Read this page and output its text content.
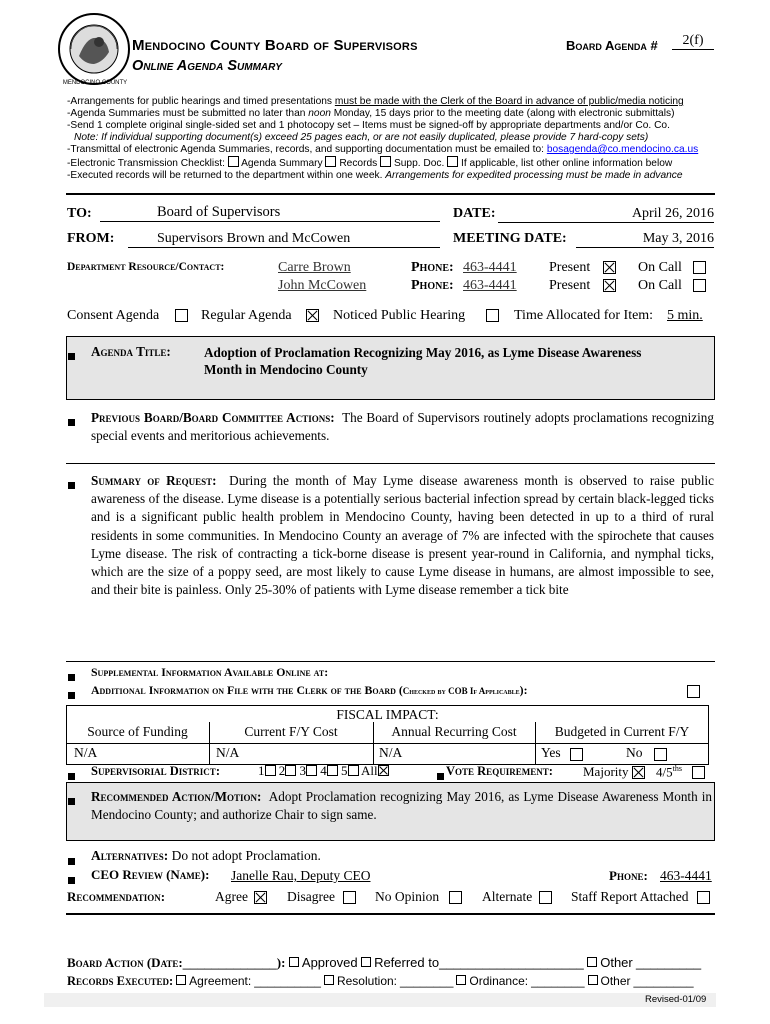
MENDOCINO COUNTY
Mendocino County Board of Supervisors
Online Agenda Summary
Board Agenda #	2(f)
-Arrangements for public hearings and timed presentations must be made with the Clerk of the Board in advance of public/media noticing
-Agenda Summaries must be submitted no later than noon Monday, 15 days prior to the meeting date (along with electronic submittals)
-Send 1 complete original single-sided set and 1 photocopy set – Items must be signed-off by appropriate departments and/or Co. Co.
Note: If individual supporting document(s) exceed 25 pages each, or are not easily duplicated, please provide 7 hard-copy sets)
-Transmittal of electronic Agenda Summaries, records, and supporting documentation must be emailed to: bosagenda@co.mendocino.ca.us
-Electronic Transmission Checklist: Agenda Summary Records Supp. Doc. If applicable, list other online information below
-Executed records will be returned to the department within one week. Arrangements for expedited processing must be made in advance
TO:	Board of Supervisors	DATE:	April 26, 2016
FROM:	Supervisors Brown and McCowen	MEETING DATE:	May 3, 2016
Department Resource/Contact:	Carre Brown	Phone: 463-4441 Present	On Call
John McCowen	Phone: 463-4441 Present	On Call
Consent Agenda	Regular Agenda	Noticed Public Hearing	Time Allocated for Item: 5 min.
Agenda Title:	Adoption of Proclamation Recognizing May 2016, as Lyme Disease Awareness
Month in Mendocino County
Previous Board/Board Committee Actions: The Board of Supervisors routinely adopts proclamations recognizing special events and meritorious achievements.
Summary of Request: During the month of May Lyme disease awareness month is observed to raise public awareness of the disease. Lyme disease is a potentially serious bacterial infection spread by certain black-legged ticks and is a significant public health problem in Mendocino County, having been detected in up to a third of rural residents in some communities. In Mendocino County an average of 7% are infected with the spirochete that causes Lyme disease. The risk of contracting a tick-borne disease is present year-round in California, and nymphal ticks, which are the size of a poppy seed, are most likely to cause Lyme disease in humans, are almost impossible to see, and their bite is painless. Only 25-30% of patients with Lyme disease remember a tick bite
Supplemental Information Available Online at:
Additional Information on File with the Clerk of the Board (Checked by COB If Applicable):
FISCAL IMPACT:
Source of Funding	Current F/Y Cost	Annual Recurring Cost	Budgeted in Current F/Y
N/A	N/A	N/A	Yes	No
Supervisorial District:	1 2 3 4 5 All	Vote Requirement: Majority $4/5^{ths}$
Recommended Action/Motion: Adopt Proclamation recognizing May 2016, as Lyme Disease Awareness Month in Mendocino County; and authorize Chair to sign same.
Alternatives: Do not adopt Proclamation.
CEO Review (Name): Janelle Rau, Deputy CEO	Phone: 463-4441
Recommendation:	Agree	Disagree	No Opinion	Alternate	Staff Report Attached
Board Action (Date:_____________): Approved Referred to____________________ Other _________
Records Executed: Agreement: __________ Resolution: ________ Ordinance: ________ Other _________
Revised-01/09
